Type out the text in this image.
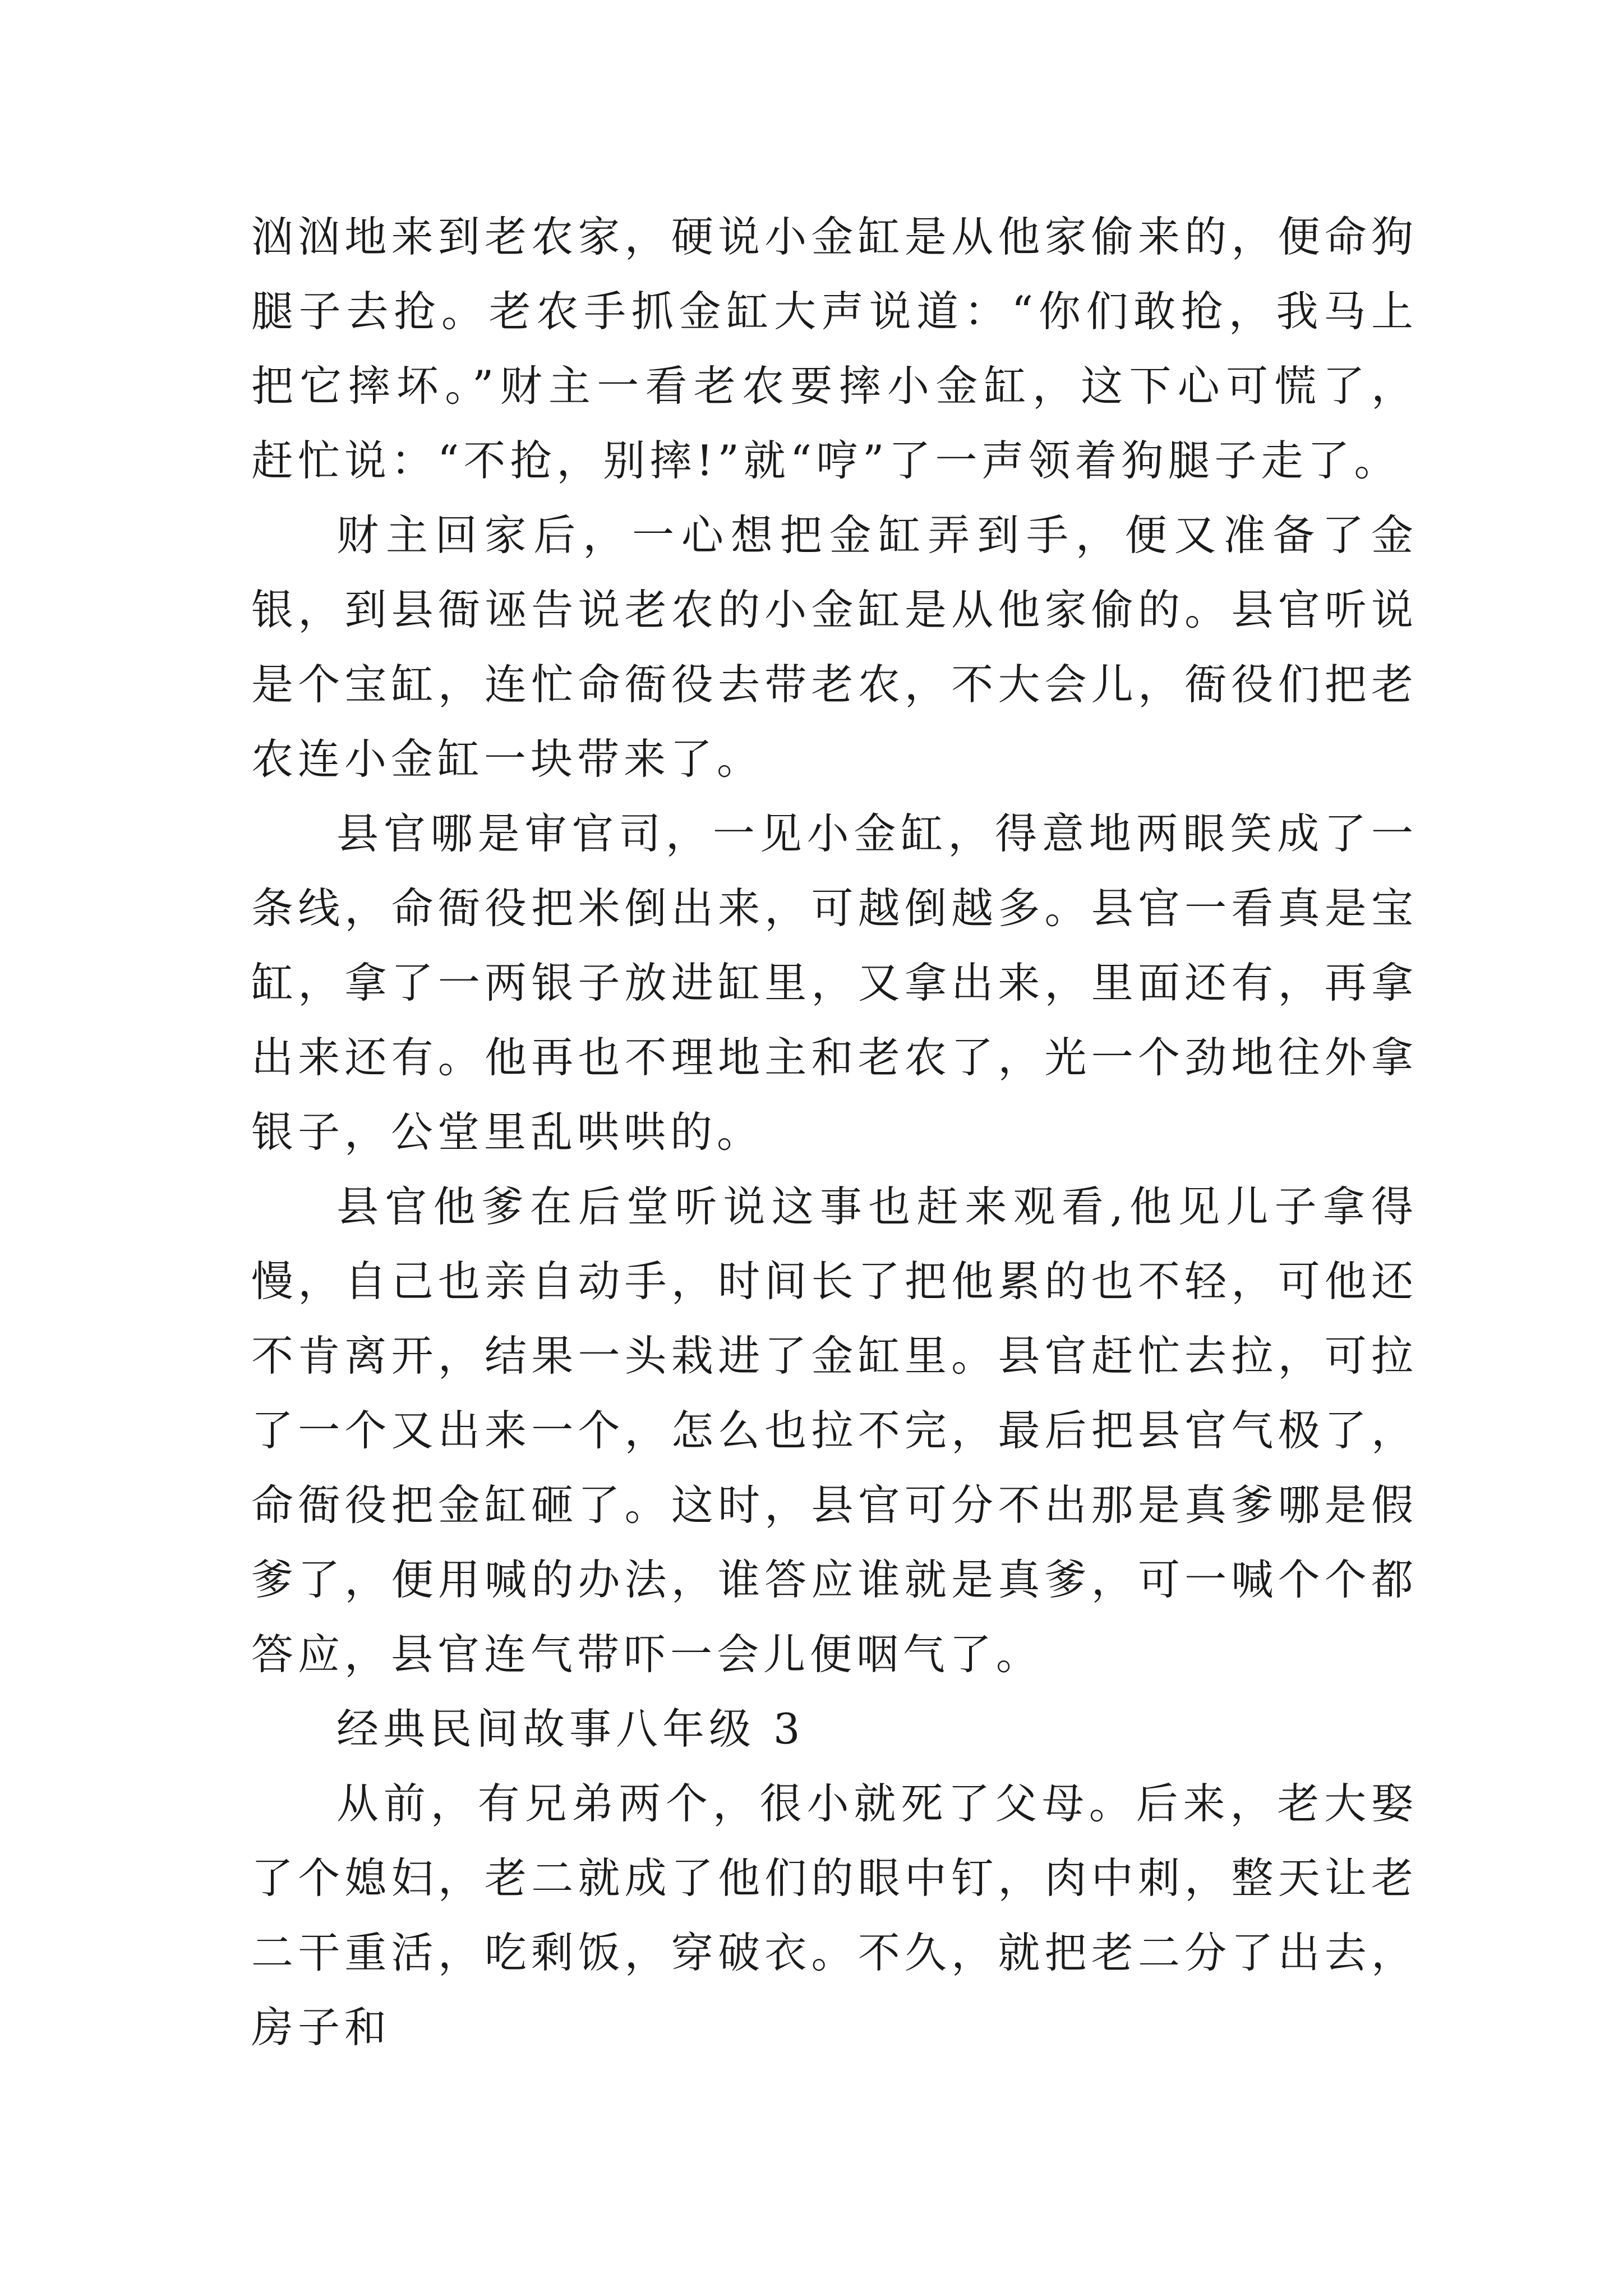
汹汹地来到老农家，硬说小金缸是从他家偷来的，便命狗腿子去抢。老农手抓金缸大声说道：“你们敢抢，我马上把它摔坏。”财主一看老农要摔小金缸，这下心可慌了，赶忙说：“不抢，别摔!”就“哼”了一声领着狗腿子走了。

财主回家后，一心想把金缸弄到手，便又准备了金银，到县衙诬告说老农的小金缸是从他家偷的。县官听说是个宝缸，连忙命衙役去带老农，不大会儿，衙役们把老农连小金缸一块带来了。

县官哪是审官司，一见小金缸，得意地两眼笑成了一条线，命衙役把米倒出来，可越倒越多。县官一看真是宝缸，拿了一两银子放进缸里，又拿出来，里面还有，再拿出来还有。他再也不理地主和老农了，光一个劲地往外拿银子，公堂里乱哄哄的。

县官他爹在后堂听说这事也赶来观看,他见儿子拿得慢，自己也亲自动手，时间长了把他累的也不轻，可他还不肯离开，结果一头栽进了金缸里。县官赶忙去拉，可拉了一个又出来一个，怎么也拉不完，最后把县官气极了，命衙役把金缸砸了。这时，县官可分不出那是真爹哪是假爹了，便用喊的办法，谁答应谁就是真爹，可一喊个个都答应，县官连气带吓一会儿便咽气了。

经典民间故事八年级 3

从前，有兄弟两个，很小就死了父母。后来，老大娶了个媳妇，老二就成了他们的眼中钉，肉中刺，整天让老二干重活，吃剩饭，穿破衣。不久，就把老二分了出去，房子和
